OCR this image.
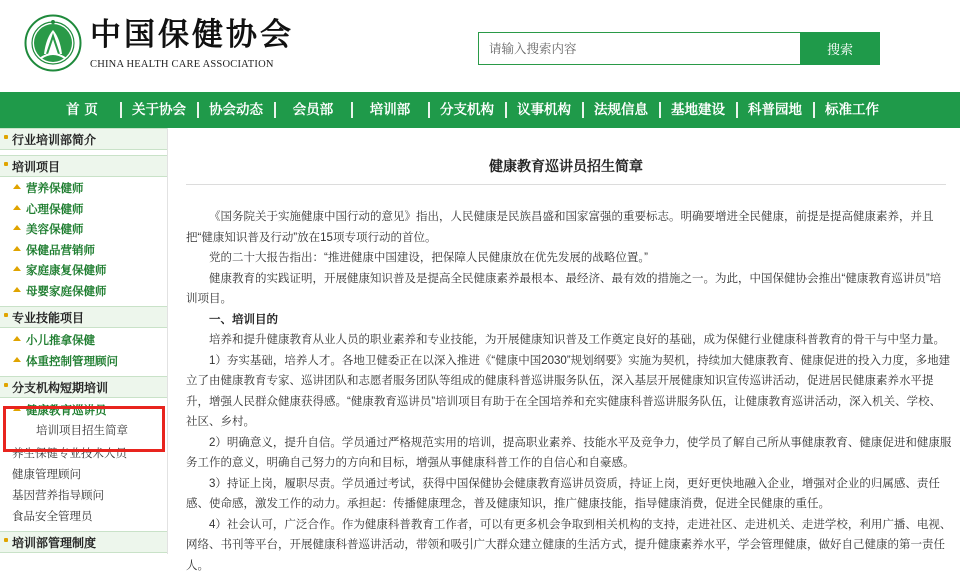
中国保健协会
CHINA HEALTH CARE ASSOCIATION
请输入搜索内容
搜索
首 页	关于协会	协会动态	会员部	培训部	分支机构	议事机构	法规信息	基地建设	科普园地	标准工作
行业培训部简介
培训项目
营养保健师
心理保健师
美容保健师
保健品营销师
家庭康复保健师
母婴家庭保健师
专业技能项目
小儿推拿保健
体重控制管理顾问
分支机构短期培训
健康教育巡讲员
培训项目招生简章
养生保健专业技术人员
健康管理顾问
基因营养指导顾问
食品安全管理员
培训部管理制度
健康教育巡讲员招生简章

《国务院关于实施健康中国行动的意见》指出，人民健康是民族昌盛和国家富强的重要标志。明确要增进全民健康，前提是提高健康素养，并且把“健康知识普及行动”放在15项专项行动的首位。

党的二十大报告指出：“推进健康中国建设，把保障人民健康放在优先发展的战略位置。”

健康教育的实践证明，开展健康知识普及是提高全民健康素养最根本、最经济、最有效的措施之一。为此，中国保健协会推出“健康教育巡讲员”培训项目。

一、培训目的

培养和提升健康教育从业人员的职业素养和专业技能，为开展健康知识普及工作奠定良好的基础，成为保健行业健康科普教育的骨干与中坚力量。

1）夯实基础，培养人才。各地卫健委正在以深入推进《“健康中国2030”规划纲要》实施为契机，持续加大健康教育、健康促进的投入力度，多地建立了由健康教育专家、巡讲团队和志愿者服务团队等组成的健康科普巡讲服务队伍，深入基层开展健康知识宣传巡讲活动，促进居民健康素养水平提升，增强人民群众健康获得感。“健康教育巡讲员”培训项目有助于在全国培养和充实健康科普巡讲服务队伍，让健康教育巡讲活动，深入机关、学校、社区、乡村。

2）明确意义，提升自信。学员通过严格规范实用的培训，提高职业素养、技能水平及竞争力，使学员了解自己所从事健康教育、健康促进和健康服务工作的意义，明确自己努力的方向和目标，增强从事健康科普工作的自信心和自豪感。

3）持证上岗，履职尽责。学员通过考试，获得中国保健协会健康教育巡讲员资质，持证上岗，更好更快地融入企业，增强对企业的归属感、责任感、使命感，激发工作的动力。承担起：传播健康理念，普及健康知识，推广健康技能，指导健康消费，促进全民健康的重任。

4）社会认可，广泛合作。作为健康科普教育工作者，可以有更多机会争取到相关机构的支持，走进社区、走进机关、走进学校，利用广播、电视、网络、书刊等平台，开展健康科普巡讲活动，带领和吸引广大群众建立健康的生活方式，提升健康素养水平，学会管理健康，做好自己健康的第一责任人。
